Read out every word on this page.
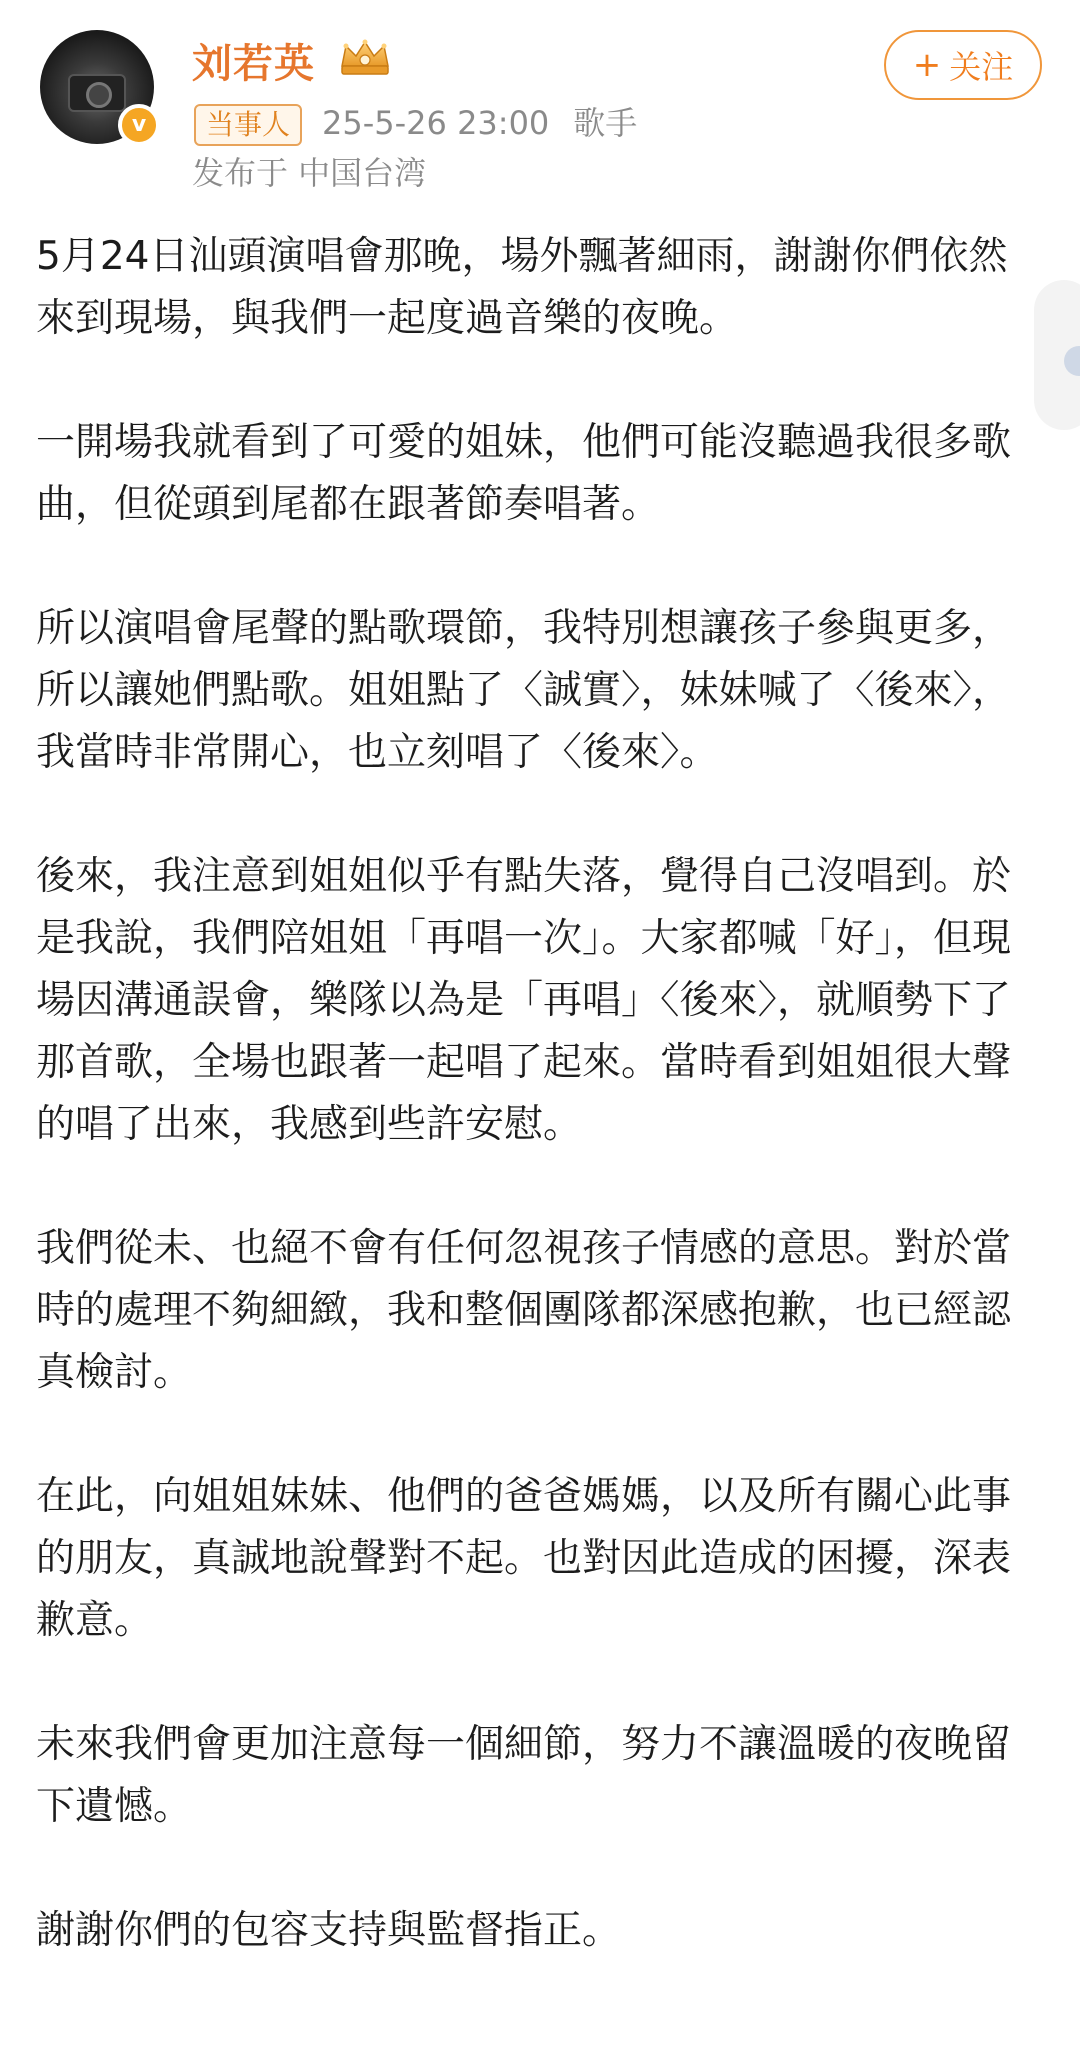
v
刘若英
当事人 25-5-26 23:00 歌手
发布于 中国台湾
+ 关注

5月24日汕頭演唱會那晚，場外飄著細雨，謝謝你們依然來到現場，與我們一起度過音樂的夜晚。

一開場我就看到了可愛的姐妹，他們可能沒聽過我很多歌曲，但從頭到尾都在跟著節奏唱著。

所以演唱會尾聲的點歌環節，我特別想讓孩子參與更多，所以讓她們點歌。姐姐點了〈誠實〉，妹妹喊了〈後來〉，我當時非常開心，也立刻唱了〈後來〉。

後來，我注意到姐姐似乎有點失落，覺得自己沒唱到。於是我說，我們陪姐姐「再唱一次」。大家都喊「好」，但現場因溝通誤會，樂隊以為是「再唱」〈後來〉，就順勢下了那首歌，全場也跟著一起唱了起來。當時看到姐姐很大聲的唱了出來，我感到些許安慰。

我們從未、也絕不會有任何忽視孩子情感的意思。對於當時的處理不夠細緻，我和整個團隊都深感抱歉，也已經認真檢討。

在此，向姐姐妹妹、他們的爸爸媽媽，以及所有關心此事的朋友，真誠地說聲對不起。也對因此造成的困擾，深表歉意。

未來我們會更加注意每一個細節，努力不讓溫暖的夜晚留下遺憾。

謝謝你們的包容支持與監督指正。
